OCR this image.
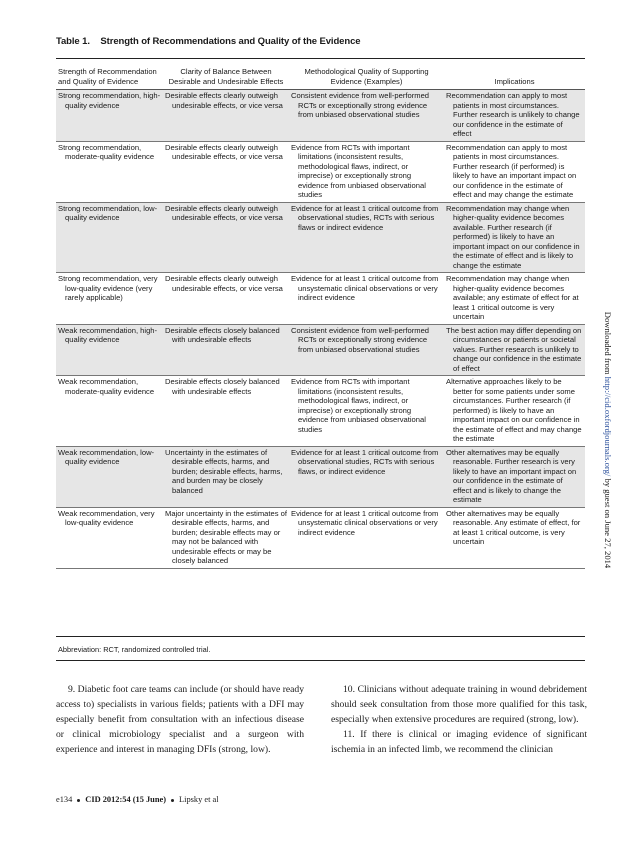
Table 1. Strength of Recommendations and Quality of the Evidence
Strength of Recommendation and Quality of Evidence	Clarity of Balance Between Desirable and Undesirable Effects	Methodological Quality of Supporting Evidence (Examples)	Implications

Strong recommendation, high-quality evidence	Desirable effects clearly outweigh undesirable effects, or vice versa	Consistent evidence from well-performed RCTs or exceptionally strong evidence from unbiased observational studies	Recommendation can apply to most patients in most circumstances. Further research is unlikely to change our confidence in the estimate of effect

Strong recommendation, moderate-quality evidence	Desirable effects clearly outweigh undesirable effects, or vice versa	Evidence from RCTs with important limitations (inconsistent results, methodological flaws, indirect, or imprecise) or exceptionally strong evidence from unbiased observational studies	Recommendation can apply to most patients in most circumstances. Further research (if performed) is likely to have an important impact on our confidence in the estimate of effect and may change the estimate

Strong recommendation, low-quality evidence	Desirable effects clearly outweigh undesirable effects, or vice versa	Evidence for at least 1 critical outcome from observational studies, RCTs with serious flaws or indirect evidence	Recommendation may change when higher-quality evidence becomes available. Further research (if performed) is likely to have an important impact on our confidence in the estimate of effect and is likely to change the estimate

Strong recommendation, very low-quality evidence (very rarely applicable)	Desirable effects clearly outweigh undesirable effects, or vice versa	Evidence for at least 1 critical outcome from unsystematic clinical observations or very indirect evidence	Recommendation may change when higher-quality evidence becomes available; any estimate of effect for at least 1 critical outcome is very uncertain

Weak recommendation, high-quality evidence	Desirable effects closely balanced with undesirable effects	Consistent evidence from well-performed RCTs or exceptionally strong evidence from unbiased observational studies	The best action may differ depending on circumstances or patients or societal values. Further research is unlikely to change our confidence in the estimate of effect

Weak recommendation, moderate-quality evidence	Desirable effects closely balanced with undesirable effects	Evidence from RCTs with important limitations (inconsistent results, methodological flaws, indirect, or imprecise) or exceptionally strong evidence from unbiased observational studies	Alternative approaches likely to be better for some patients under some circumstances. Further research (if performed) is likely to have an important impact on our confidence in the estimate of effect and may change the estimate

Weak recommendation, low-quality evidence	Uncertainty in the estimates of desirable effects, harms, and burden; desirable effects, harms, and burden may be closely balanced	Evidence for at least 1 critical outcome from observational studies, RCTs with serious flaws, or indirect evidence	Other alternatives may be equally reasonable. Further research is very likely to have an important impact on our confidence in the estimate of effect and is likely to change the estimate

Weak recommendation, very low-quality evidence	Major uncertainty in the estimates of desirable effects, harms, and burden; desirable effects may or may not be balanced with undesirable effects or may be closely balanced	Evidence for at least 1 critical outcome from unsystematic clinical observations or very indirect evidence	Other alternatives may be equally reasonable. Any estimate of effect, for at least 1 critical outcome, is very uncertain
Abbreviation: RCT, randomized controlled trial.
Downloaded from http://cid.oxfordjournals.org/ by guest on June 27, 2014

9. Diabetic foot care teams can include (or should have ready access to) specialists in various fields; patients with a DFI may especially benefit from consultation with an infectious disease or clinical microbiology specialist and a surgeon with experience and interest in managing DFIs (strong, low).

10. Clinicians without adequate training in wound debridement should seek consultation from those more qualified for this task, especially when extensive procedures are required (strong, low).

11. If there is clinical or imaging evidence of significant ischemia in an infected limb, we recommend the clinician

e134 CID 2012:54 (15 June) Lipsky et al
